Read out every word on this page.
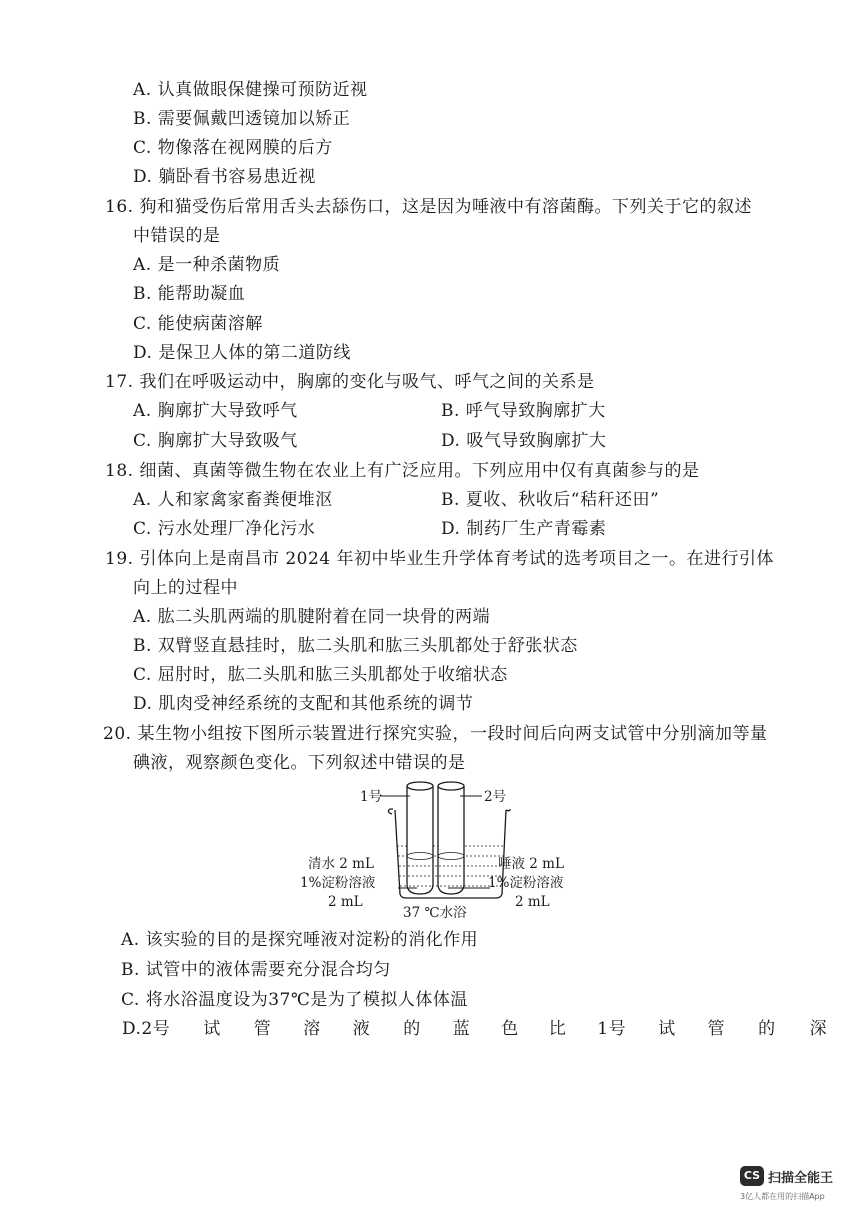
A. 认真做眼保健操可预防近视
B. 需要佩戴凹透镜加以矫正
C. 物像落在视网膜的后方
D. 躺卧看书容易患近视
16. 狗和猫受伤后常用舌头去舔伤口，这是因为唾液中有溶菌酶。下列关于它的叙述
中错误的是
A. 是一种杀菌物质
B. 能帮助凝血
C. 能使病菌溶解
D. 是保卫人体的第二道防线
17. 我们在呼吸运动中，胸廓的变化与吸气、呼气之间的关系是
A. 胸廓扩大导致呼气	B. 呼气导致胸廓扩大
C. 胸廓扩大导致吸气	D. 吸气导致胸廓扩大
18. 细菌、真菌等微生物在农业上有广泛应用。下列应用中仅有真菌参与的是
A. 人和家禽家畜粪便堆沤	B. 夏收、秋收后“秸秆还田”
C. 污水处理厂净化污水	D. 制药厂生产青霉素
19. 引体向上是南昌市 2024 年初中毕业生升学体育考试的选考项目之一。在进行引体
向上的过程中
A. 肱二头肌两端的肌腱附着在同一块骨的两端
B. 双臂竖直悬挂时，肱二头肌和肱三头肌都处于舒张状态
C. 屈肘时，肱二头肌和肱三头肌都处于收缩状态
D. 肌肉受神经系统的支配和其他系统的调节
20. 某生物小组按下图所示装置进行探究实验，一段时间后向两支试管中分别滴加等量
碘液，观察颜色变化。下列叙述中错误的是
1号	2号
清水 2 mL
1%淀粉溶液
2 mL
唾液 2 mL
1%淀粉溶液
2 mL
37 ℃水浴
A. 该实验的目的是探究唾液对淀粉的消化作用
B. 试管中的液体需要充分混合均匀
C. 将水浴温度设为37℃是为了模拟人体体温
D.2号 试 管 溶 液 的 蓝 色 比 1号 试 管 的 深
CS 扫描全能王
3亿人都在用的扫描App
